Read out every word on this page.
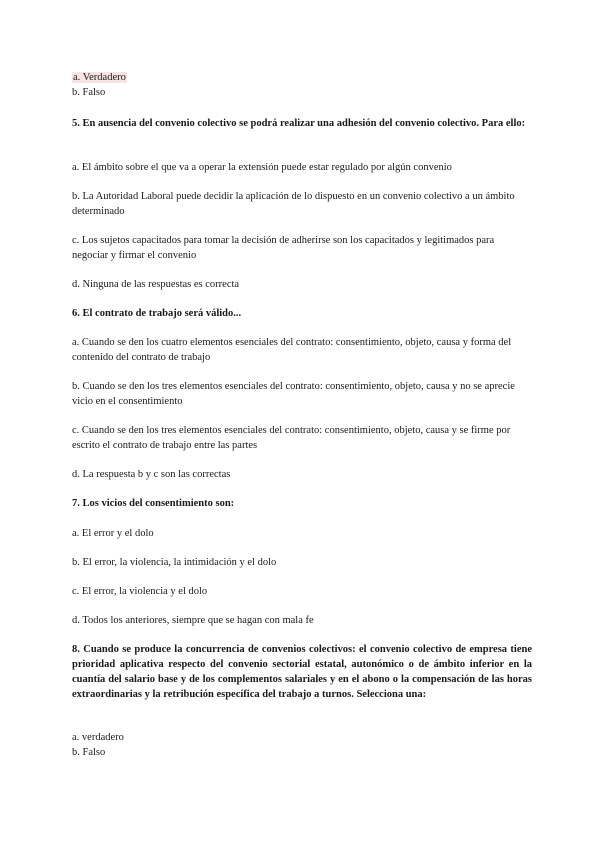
a. Verdadero
b. Falso
5. En ausencia del convenio colectivo se podrá realizar una adhesión del convenio colectivo. Para ello:
a. El ámbito sobre el que va a operar la extensión puede estar regulado por algún convenio
b. La Autoridad Laboral puede decidir la aplicación de lo dispuesto en un convenio colectivo a un ámbito determinado
c. Los sujetos capacitados para tomar la decisión de adherirse son los capacitados y legitimados para negociar y firmar el convenio
d. Ninguna de las respuestas es correcta
6. El contrato de trabajo será válido...
a. Cuando se den los cuatro elementos esenciales del contrato: consentimiento, objeto, causa y forma del contenido del contrato de trabajo
b. Cuando se den los tres elementos esenciales del contrato: consentimiento, objeto, causa y no se aprecie vicio en el consentimiento
c. Cuando se den los tres elementos esenciales del contrato: consentimiento, objeto, causa y se firme por escrito el contrato de trabajo entre las partes
d. La respuesta b y c son las correctas
7. Los vicios del consentimiento son:
a. El error y el dolo
b. El error, la violencia, la intimidación y el dolo
c. El error, la violencia y el dolo
d. Todos los anteriores, siempre que se hagan con mala fe
8. Cuando se produce la concurrencia de convenios colectivos: el convenio colectivo de empresa tiene prioridad aplicativa respecto del convenio sectorial estatal, autonómico o de ámbito inferior en la cuantía del salario base y de los complementos salariales y en el abono o la compensación de las horas extraordinarias y la retribución específica del trabajo a turnos. Selecciona una:
a. verdadero
b. Falso
